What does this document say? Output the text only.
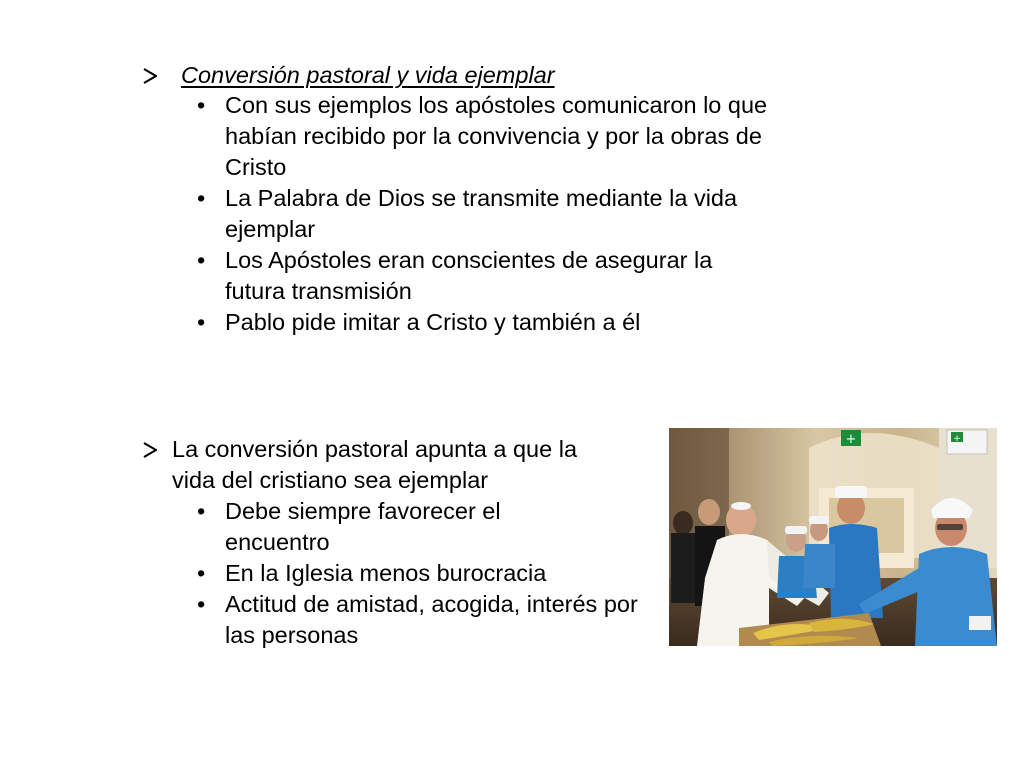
Conversión pastoral y vida ejemplar
• Con sus ejemplos los apóstoles comunicaron lo que habían recibido por la convivencia y por la obras de Cristo
• La Palabra de Dios se transmite mediante la vida ejemplar
• Los Apóstoles eran conscientes de asegurar la futura transmisión
• Pablo pide imitar a Cristo y también a él
La conversión pastoral apunta a que la
vida del cristiano sea ejemplar
• Debe siempre favorecer el encuentro
• En la Iglesia menos burocracia
• Actitud de amistad, acogida, interés por las personas
+	+
